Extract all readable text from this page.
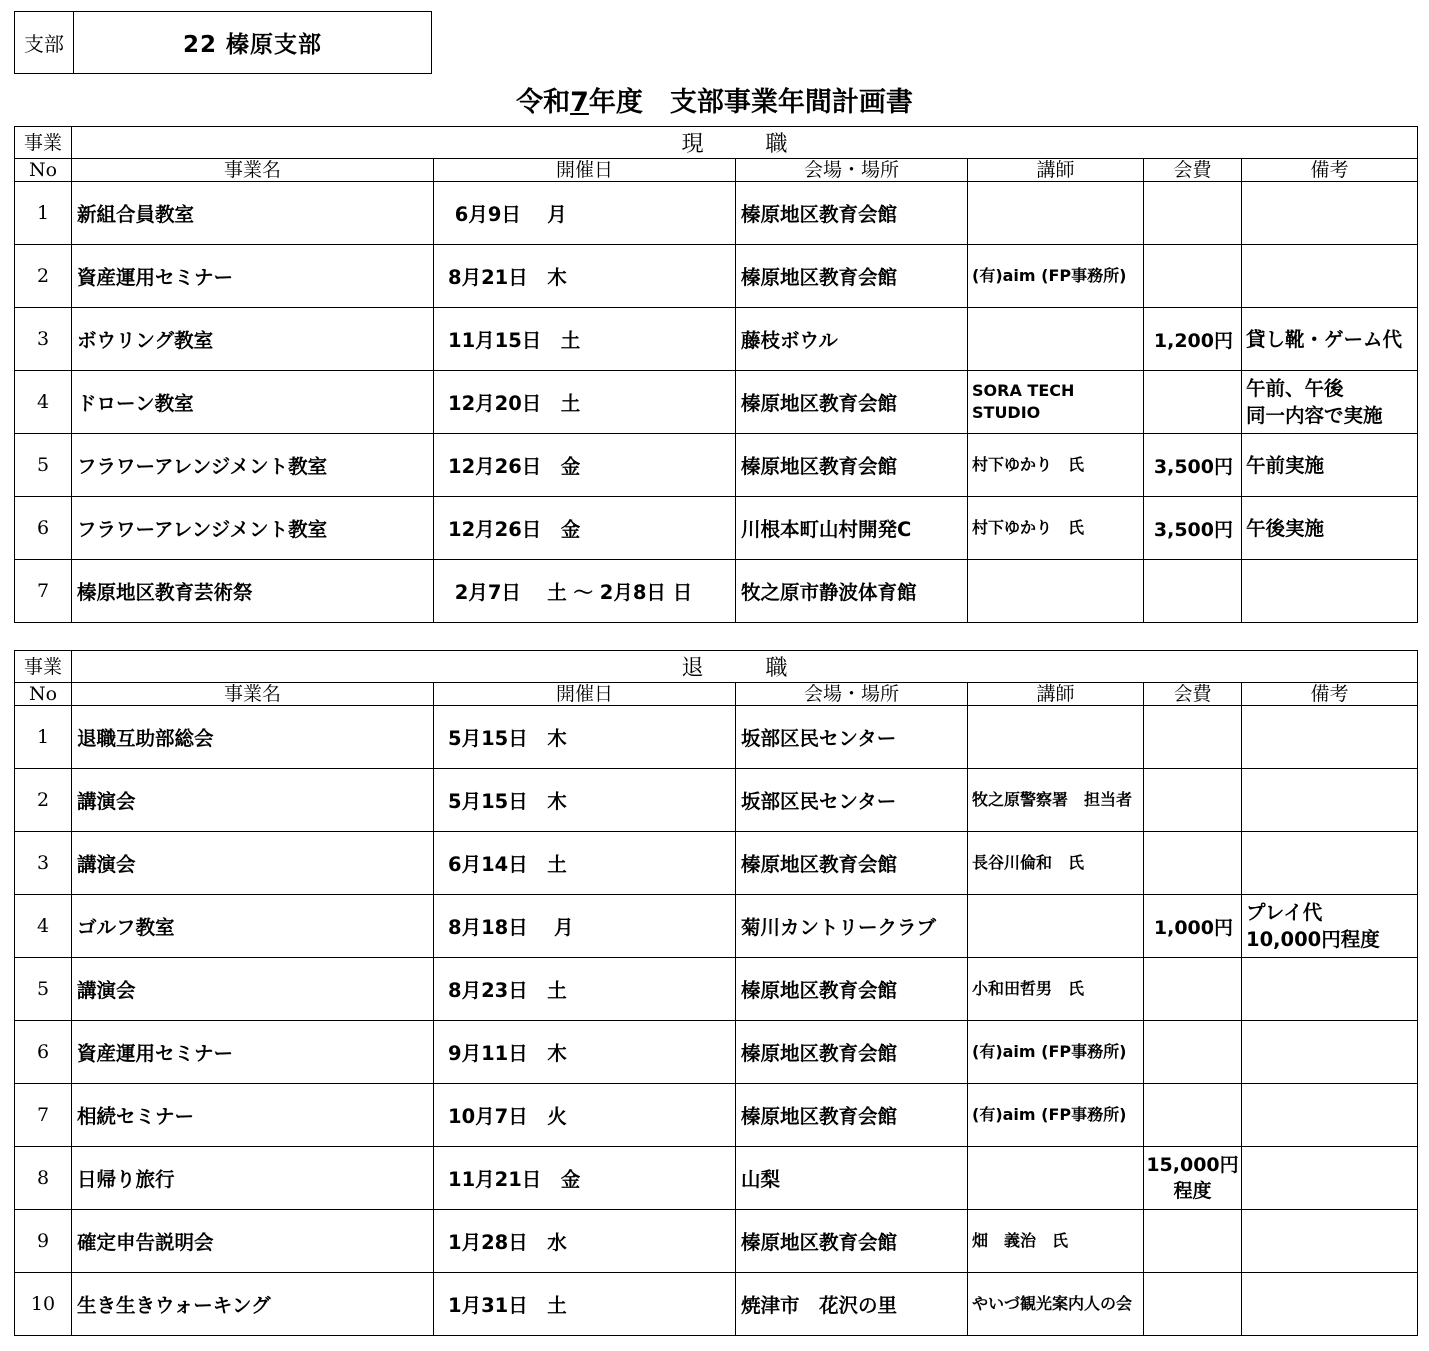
支部	22 榛原支部
令和7年度　支部事業年間計画書
事業	現　職					
No	事業名	開催日	会場・場所	講師	会費	備考
1	新組合員教室	6月9日　 月	榛原地区教育会館			
2	資産運用セミナー	8月21日　木	榛原地区教育会館	(有)aim (FP事務所)		
3	ボウリング教室	11月15日　土	藤枝ボウル		1,200円	貸し靴・ゲーム代
4	ドローン教室	12月20日　土	榛原地区教育会館	SORA TECH STUDIO		午前、午後
同一内容で実施
5	フラワーアレンジメント教室	12月26日　金	榛原地区教育会館	村下ゆかり　氏	3,500円	午前実施
6	フラワーアレンジメント教室	12月26日　金	川根本町山村開発C	村下ゆかり　氏	3,500円	午後実施
7	榛原地区教育芸術祭	2月7日　 土 ～ 2月8日 日	牧之原市静波体育館			
事業	退　職					
No	事業名	開催日	会場・場所	講師	会費	備考
1	退職互助部総会	5月15日　木	坂部区民センター			
2	講演会	5月15日　木	坂部区民センター	牧之原警察署　担当者		
3	講演会	6月14日　土	榛原地区教育会館	長谷川倫和　氏		
4	ゴルフ教室	8月18日　 月	菊川カントリークラブ		1,000円	プレイ代
10,000円程度
5	講演会	8月23日　土	榛原地区教育会館	小和田哲男　氏		
6	資産運用セミナー	9月11日　木	榛原地区教育会館	(有)aim (FP事務所)		
7	相続セミナー	10月7日　火	榛原地区教育会館	(有)aim (FP事務所)		
8	日帰り旅行	11月21日　金	山梨		15,000円
程度	
9	確定申告説明会	1月28日　水	榛原地区教育会館	畑　義治　氏		
10	生き生きウォーキング	1月31日　土	焼津市　花沢の里	やいづ観光案内人の会		
